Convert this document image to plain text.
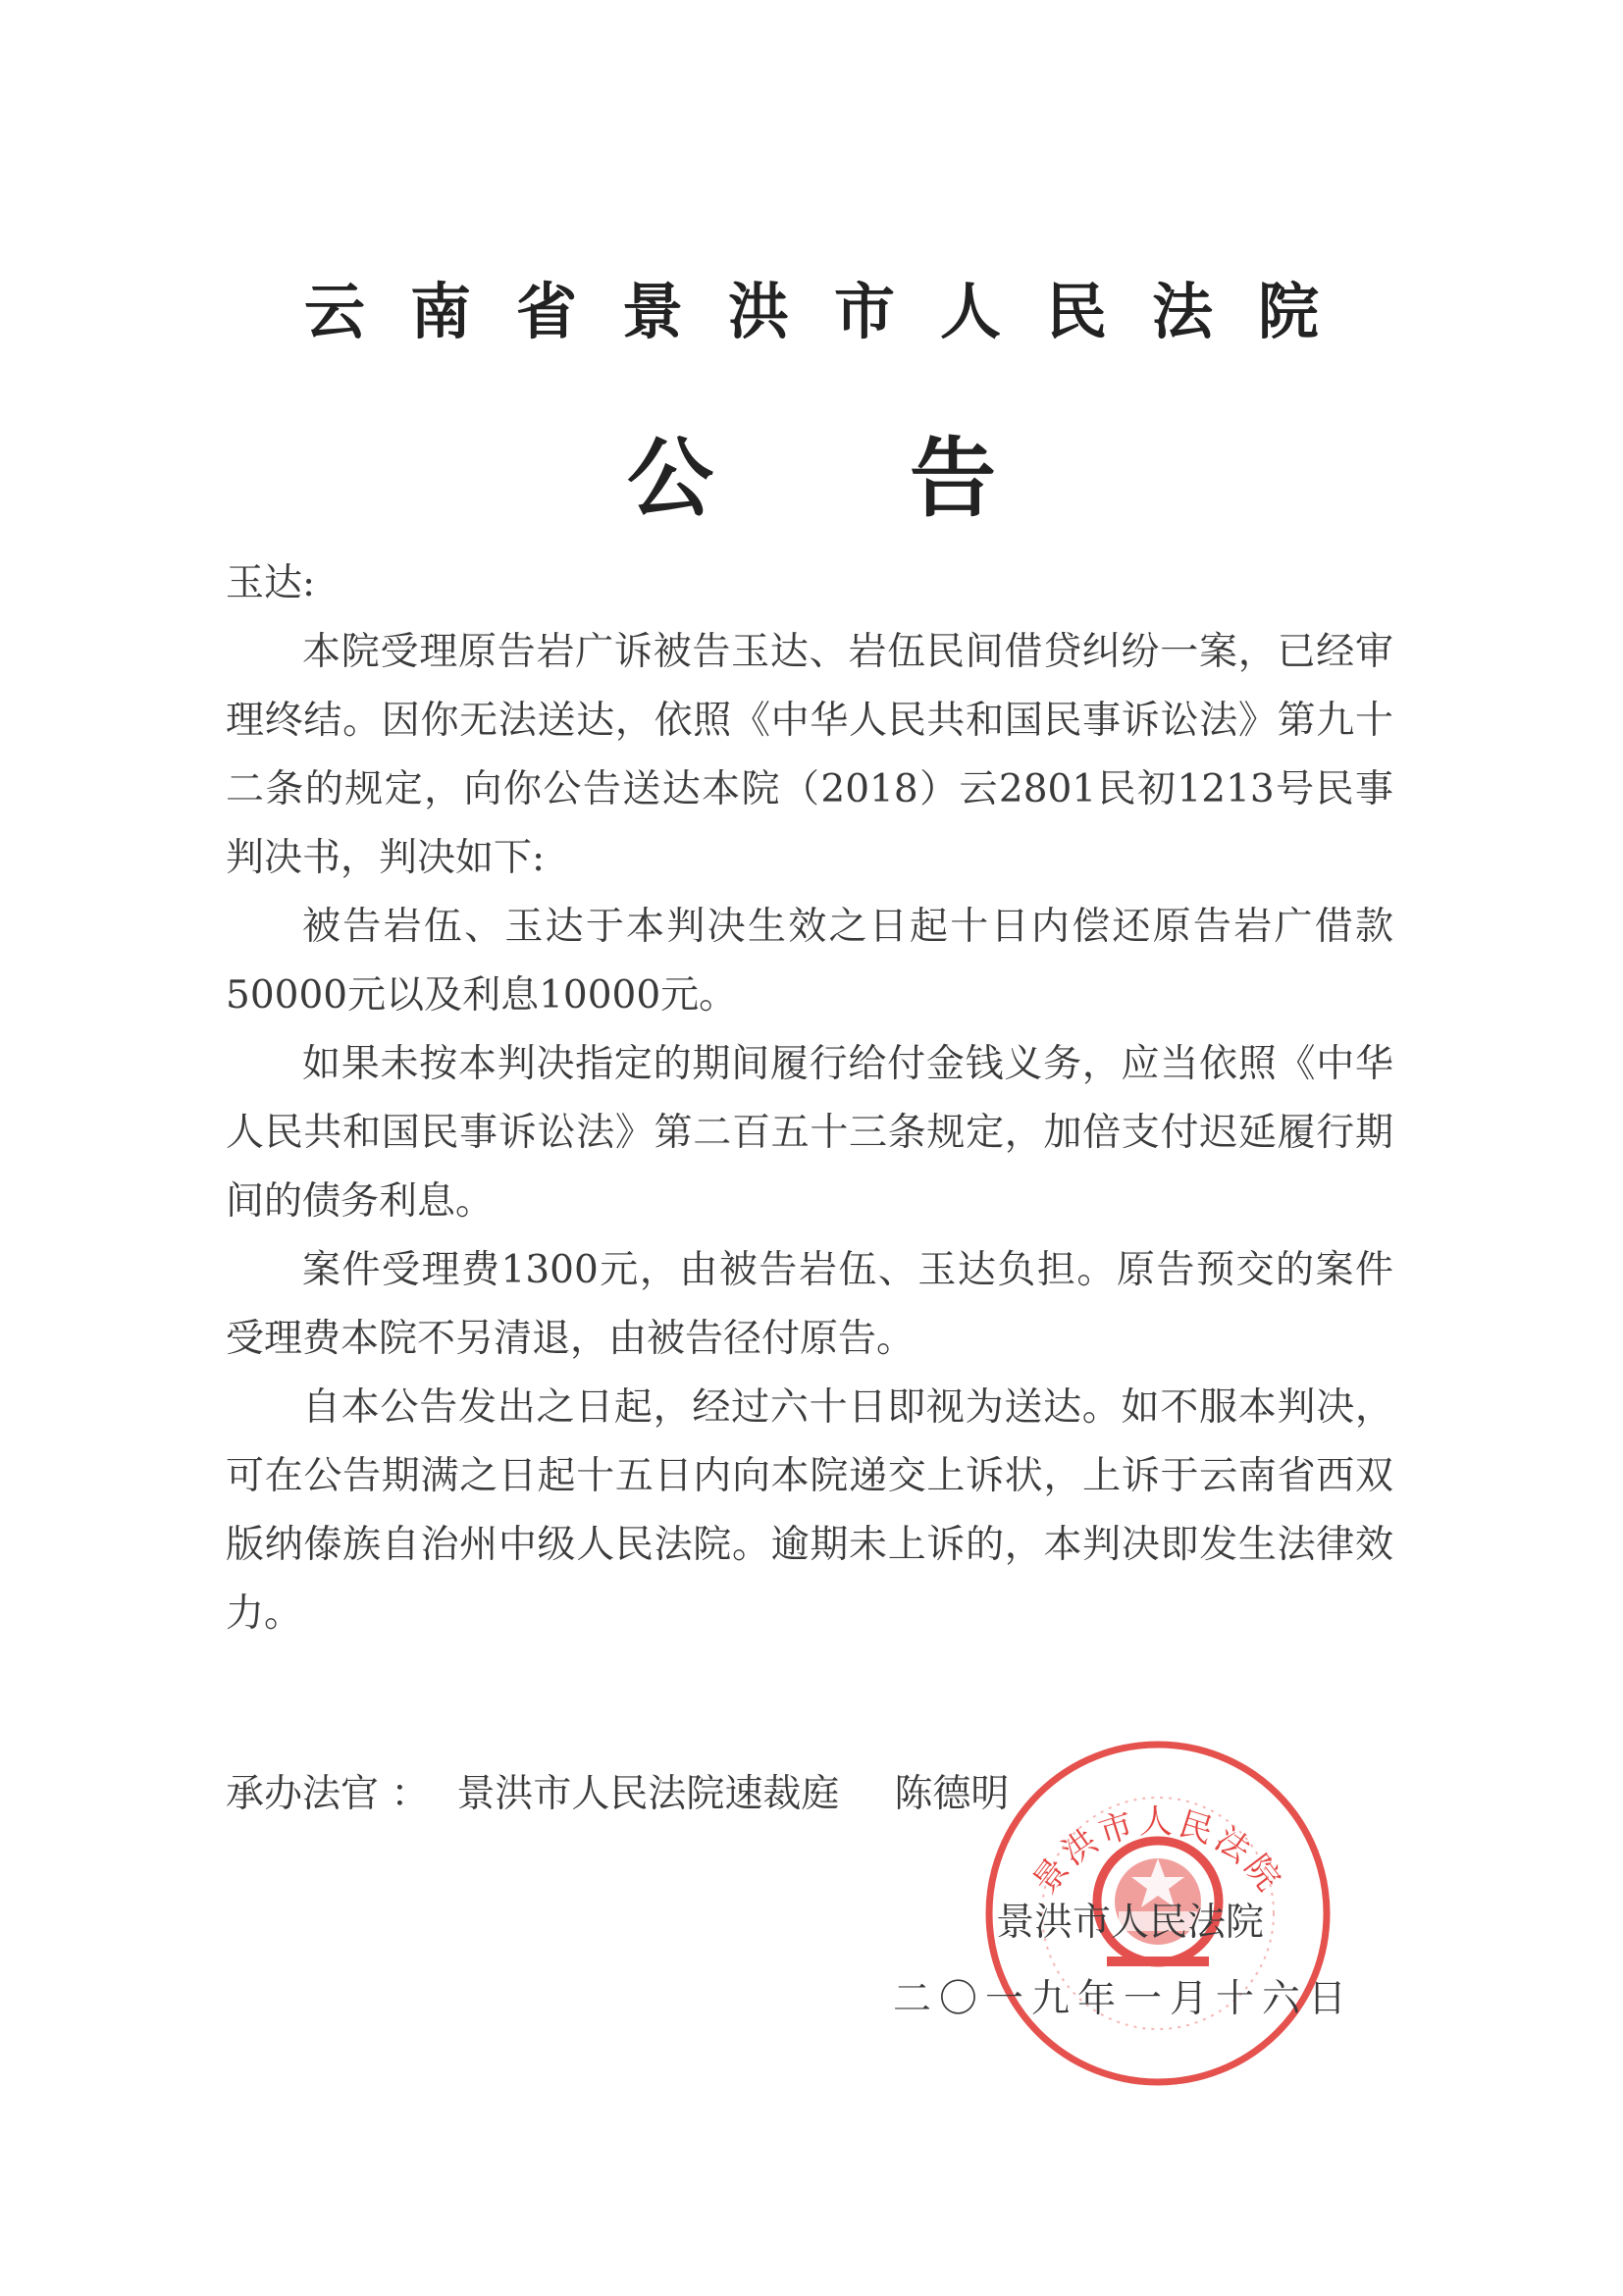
云南省景洪市人民法院
公告

玉达:

本院受理原告岩广诉被告玉达、岩伍民间借贷纠纷一案，已经审理终结。因你无法送达，依照《中华人民共和国民事诉讼法》第九十二条的规定，向你公告送达本院（2018）云2801民初1213号民事判决书，判决如下:

被告岩伍、玉达于本判决生效之日起十日内偿还原告岩广借款50000元以及利息10000元。

如果未按本判决指定的期间履行给付金钱义务，应当依照《中华人民共和国民事诉讼法》第二百五十三条规定，加倍支付迟延履行期间的债务利息。

案件受理费1300元，由被告岩伍、玉达负担。原告预交的案件受理费本院不另清退，由被告径付原告。

自本公告发出之日起，经过六十日即视为送达。如不服本判决，可在公告期满之日起十五日内向本院递交上诉状，上诉于云南省西双版纳傣族自治州中级人民法院。逾期未上诉的，本判决即发生法律效力。

承办法官 ： 景洪市人民法院速裁庭 陈德明
景洪市人民法院
景洪市人民法院
二〇一九年一月十六日
